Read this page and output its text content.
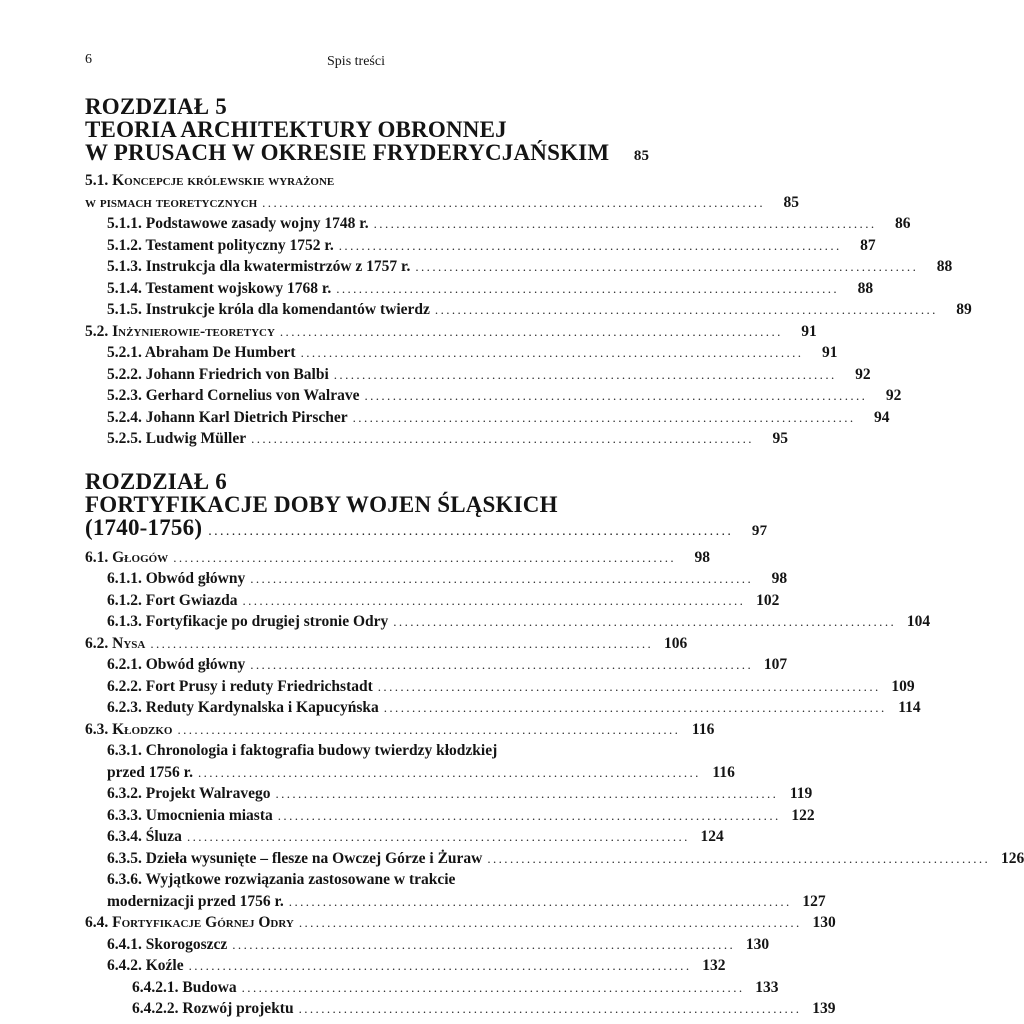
6	Spis treści
ROZDZIAŁ 5
TEORIA ARCHITEKTURY OBRONNEJ
W PRUSACH W OKRESIE FRYDERYCJAŃSKIM	85
5.1. Koncepcje królewskie wyrażone
w pismach teoretycznych .........................................................................................	85
5.1.1. Podstawowe zasady wojny 1748 r. .........................................................................................	86
5.1.2. Testament polityczny 1752 r. .........................................................................................	87
5.1.3. Instrukcja dla kwatermistrzów z 1757 r. .........................................................................................	88
5.1.4. Testament wojskowy 1768 r. .........................................................................................	88
5.1.5. Instrukcje króla dla komendantów twierdz .........................................................................................	89
5.2. Inżynierowie-teoretycy .........................................................................................	91
5.2.1. Abraham De Humbert .........................................................................................	91
5.2.2. Johann Friedrich von Balbi .........................................................................................	92
5.2.3. Gerhard Cornelius von Walrave .........................................................................................	92
5.2.4. Johann Karl Dietrich Pirscher .........................................................................................	94
5.2.5. Ludwig Müller .........................................................................................	95
ROZDZIAŁ 6
FORTYFIKACJE DOBY WOJEN ŚLĄSKICH
(1740-1756) .........................................................................................	97
6.1. Głogów .........................................................................................	98
6.1.1. Obwód główny .........................................................................................	98
6.1.2. Fort Gwiazda ......................................................................................... 102
6.1.3. Fortyfikacje po drugiej stronie Odry ......................................................................................... 104
6.2. Nysa ......................................................................................... 106
6.2.1. Obwód główny ......................................................................................... 107
6.2.2. Fort Prusy i reduty Friedrichstadt ......................................................................................... 109
6.2.3. Reduty Kardynalska i Kapucyńska ......................................................................................... 114
6.3. Kłodzko ......................................................................................... 116
6.3.1. Chronologia i faktografia budowy twierdzy kłodzkiej
przed 1756 r. ......................................................................................... 116
6.3.2. Projekt Walravego ......................................................................................... 119
6.3.3. Umocnienia miasta ......................................................................................... 122
6.3.4. Śluza ......................................................................................... 124
6.3.5. Dzieła wysunięte – flesze na Owczej Górze i Żuraw ......................................................................................... 126
6.3.6. Wyjątkowe rozwiązania zastosowane w trakcie
modernizacji przed 1756 r. ......................................................................................... 127
6.4. Fortyfikacje Górnej Odry ......................................................................................... 130
6.4.1. Skorogoszcz ......................................................................................... 130
6.4.2. Koźle ......................................................................................... 132
6.4.2.1. Budowa ......................................................................................... 133
6.4.2.2. Rozwój projektu ......................................................................................... 139
